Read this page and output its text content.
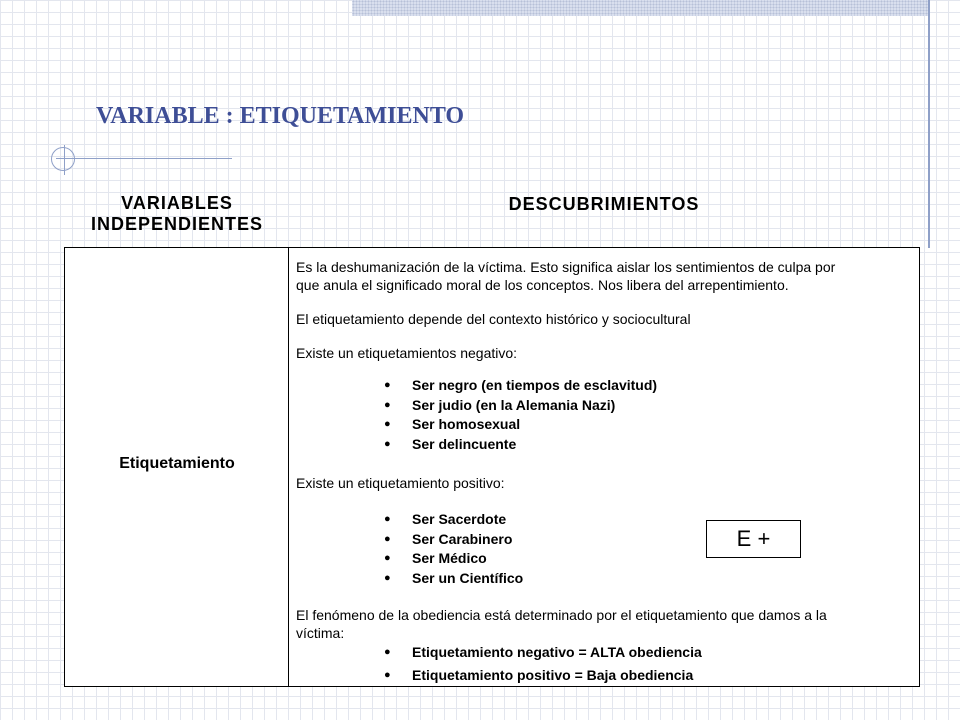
VARIABLE : ETIQUETAMIENTO
VARIABLES
INDEPENDIENTES
DESCUBRIMIENTOS
Etiquetamiento
Es la deshumanización de la víctima. Esto significa aislar los sentimientos de culpa por
que anula el significado moral de los conceptos. Nos libera del arrepentimiento.
El etiquetamiento depende del contexto histórico y sociocultural
Existe un etiquetamientos negativo:
● Ser negro (en tiempos de esclavitud)
● Ser judio (en la Alemania Nazi)
● Ser homosexual
● Ser delincuente
Existe un etiquetamiento positivo:
● Ser Sacerdote
● Ser Carabinero
● Ser Médico
● Ser un Científico
El fenómeno de la obediencia está determinado por el etiquetamiento que damos a la
víctima:
● Etiquetamiento negativo = ALTA obediencia
● Etiquetamiento positivo = Baja obediencia
E +
